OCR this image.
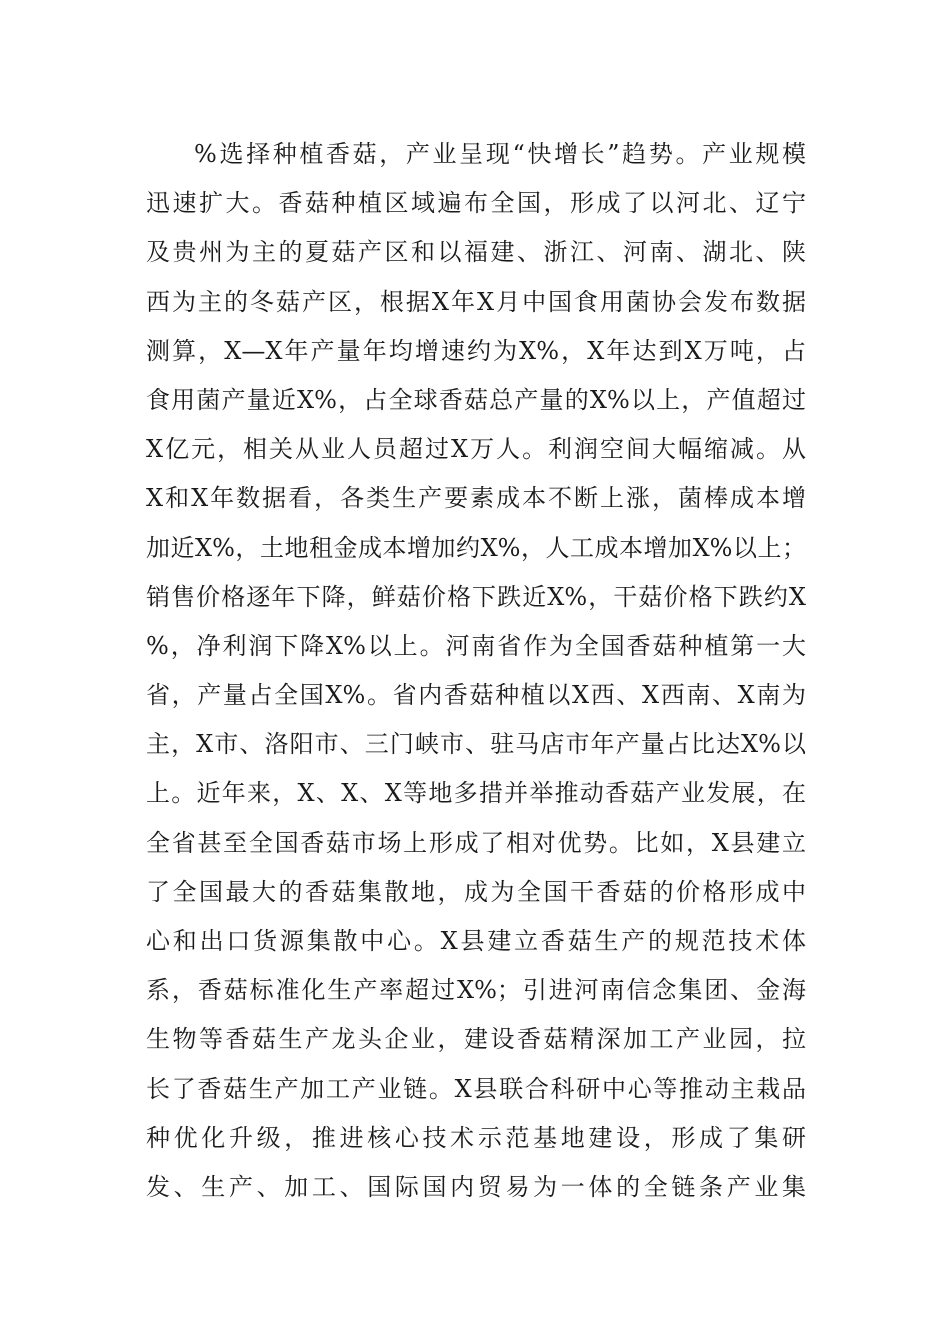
%选择种植香菇，产业呈现“快增长”趋势。产业规模
迅速扩大。香菇种植区域遍布全国，形成了以河北、辽宁
及贵州为主的夏菇产区和以福建、浙江、河南、湖北、陕
西为主的冬菇产区，根据X年X月中国食用菌协会发布数据
测算，X—X年产量年均增速约为X%，X年达到X万吨，占
食用菌产量近X%，占全球香菇总产量的X%以上，产值超过
X亿元，相关从业人员超过X万人。利润空间大幅缩减。从
X和X年数据看，各类生产要素成本不断上涨，菌棒成本增
加近X%，土地租金成本增加约X%，人工成本增加X%以上；
销售价格逐年下降，鲜菇价格下跌近X%，干菇价格下跌约X
%，净利润下降X%以上。河南省作为全国香菇种植第一大
省，产量占全国X%。省内香菇种植以X西、X西南、X南为
主，X市、洛阳市、三门峡市、驻马店市年产量占比达X%以
上。近年来，X、X、X等地多措并举推动香菇产业发展，在
全省甚至全国香菇市场上形成了相对优势。比如，X县建立
了全国最大的香菇集散地，成为全国干香菇的价格形成中
心和出口货源集散中心。X县建立香菇生产的规范技术体
系，香菇标准化生产率超过X%；引进河南信念集团、金海
生物等香菇生产龙头企业，建设香菇精深加工产业园，拉
长了香菇生产加工产业链。X县联合科研中心等推动主栽品
种优化升级，推进核心技术示范基地建设，形成了集研
发、生产、加工、国际国内贸易为一体的全链条产业集
